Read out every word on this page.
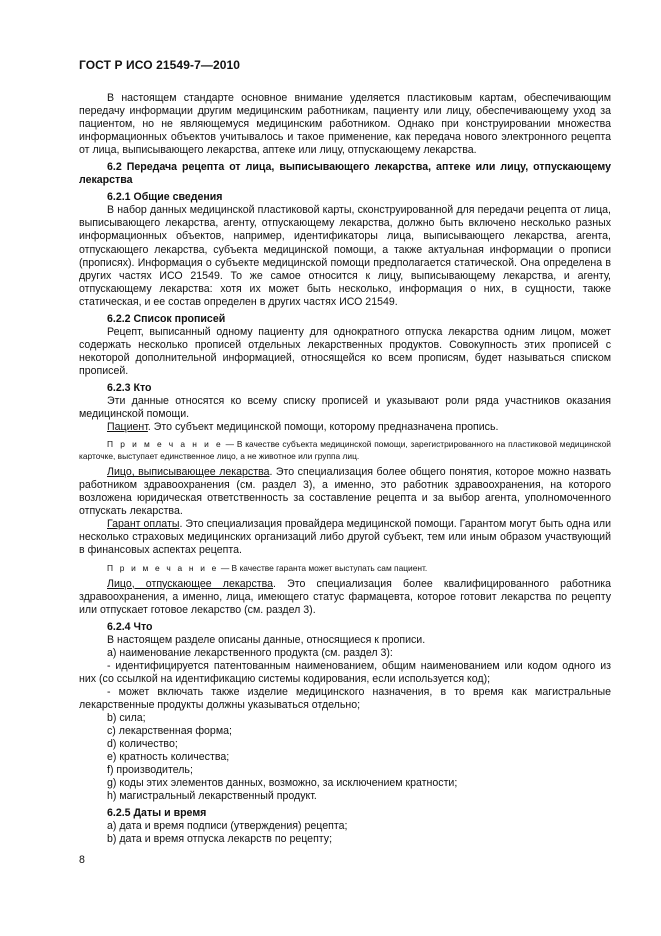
ГОСТ Р ИСО 21549-7—2010

В настоящем стандарте основное внимание уделяется пластиковым картам, обеспечивающим передачу информации другим медицинским работникам, пациенту или лицу, обеспечивающему уход за пациентом, но не являющемуся медицинским работником. Однако при конструировании множества информационных объектов учитывалось и такое применение, как передача нового электронного рецепта от лица, выписывающего лекарства, аптеке или лицу, отпускающему лекарства.

6.2 Передача рецепта от лица, выписывающего лекарства, аптеке или лицу, отпускающему лекарства

6.2.1 Общие сведения

В набор данных медицинской пластиковой карты, сконструированной для передачи рецепта от лица, выписывающего лекарства, агенту, отпускающему лекарства, должно быть включено несколько разных информационных объектов, например, идентификаторы лица, выписывающего лекарства, агента, отпускающего лекарства, субъекта медицинской помощи, а также актуальная информации о прописи (прописях). Информация о субъекте медицинской помощи предполагается статической. Она определена в других частях ИСО 21549. То же самое относится к лицу, выписывающему лекарства, и агенту, отпускающему лекарства: хотя их может быть несколько, информация о них, в сущности, также статическая, и ее состав определен в других частях ИСО 21549.

6.2.2 Список прописей

Рецепт, выписанный одному пациенту для однократного отпуска лекарства одним лицом, может содержать несколько прописей отдельных лекарственных продуктов. Совокупность этих прописей с некоторой дополнительной информацией, относящейся ко всем прописям, будет называться списком прописей.

6.2.3 Кто

Эти данные относятся ко всему списку прописей и указывают роли ряда участников оказания медицинской помощи.

Пациент. Это субъект медицинской помощи, которому предназначена пропись.

П р и м е ч а н и е — В качестве субъекта медицинской помощи, зарегистрированного на пластиковой медицинской карточке, выступает единственное лицо, а не животное или группа лиц.

Лицо, выписывающее лекарства. Это специализация более общего понятия, которое можно назвать работником здравоохранения (см. раздел 3), а именно, это работник здравоохранения, на которого возложена юридическая ответственность за составление рецепта и за выбор агента, уполномоченного отпускать лекарства.

Гарант оплаты. Это специализация провайдера медицинской помощи. Гарантом могут быть одна или несколько страховых медицинских организаций либо другой субъект, тем или иным образом участвующий в финансовых аспектах рецепта.

П р и м е ч а н и е — В качестве гаранта может выступать сам пациент.

Лицо, отпускающее лекарства. Это специализация более квалифицированного работника здравоохранения, а именно, лица, имеющего статус фармацевта, которое готовит лекарства по рецепту или отпускает готовое лекарство (см. раздел 3).

6.2.4 Что

В настоящем разделе описаны данные, относящиеся к прописи.

a) наименование лекарственного продукта (см. раздел 3):

- идентифицируется патентованным наименованием, общим наименованием или кодом одного из них (со ссылкой на идентификацию системы кодирования, если используется код);

- может включать также изделие медицинского назначения, в то время как магистральные лекарственные продукты должны указываться отдельно;

b) сила;

c) лекарственная форма;

d) количество;

e) кратность количества;

f) производитель;

g) коды этих элементов данных, возможно, за исключением кратности;

h) магистральный лекарственный продукт.

6.2.5 Даты и время

a) дата и время подписи (утверждения) рецепта;

b) дата и время отпуска лекарств по рецепту;

8
